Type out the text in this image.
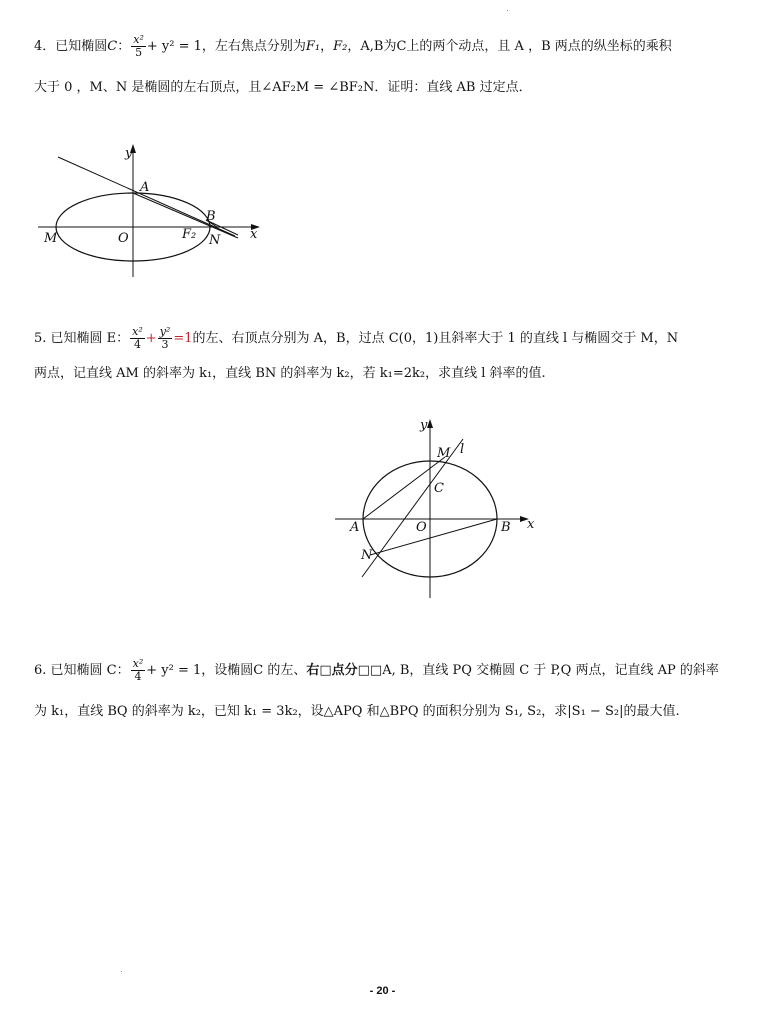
4．已知椭圆C： $\frac{\text{x²}}{5} + y^2 = 1$，左右焦点分别为F₁，F₂，A,B为C上的两个动点，且 A ，B 两点的纵坐标的乘积
大于 0 ，M、N 是椭圆的左右顶点，且∠AF₂M = ∠BF₂N．证明：直线 AB 过定点．
y
x
A
B
M	O	F₂ N
5. 已知椭圆 E： $\frac{\text{x²}}{4} + \frac{\text{y²}}{3} =1$的左、右顶点分别为 A，B，过点 C(0，1)且斜率大于 1 的直线 l 与椭圆交于 M，N
两点，记直线 AM 的斜率为 k₁，直线 BN 的斜率为 k₂，若 k₁=2k₂，求直线 l 斜率的值.
y
x
A	B
M l
C
O
N
6. 已知椭圆 C： $\frac{\text{x²}}{4} + y^2 = 1$，设椭圆C 的左、右□点分□□A, B，直线 PQ 交椭圆 C 于 P,Q 两点，记直线 AP 的斜率
为 k₁，直线 BQ 的斜率为 k₂，已知 k₁ = 3k₂，设△APQ 和△BPQ 的面积分别为 S₁, S₂，求|S₁ − S₂|的最大值.
- 20 -
